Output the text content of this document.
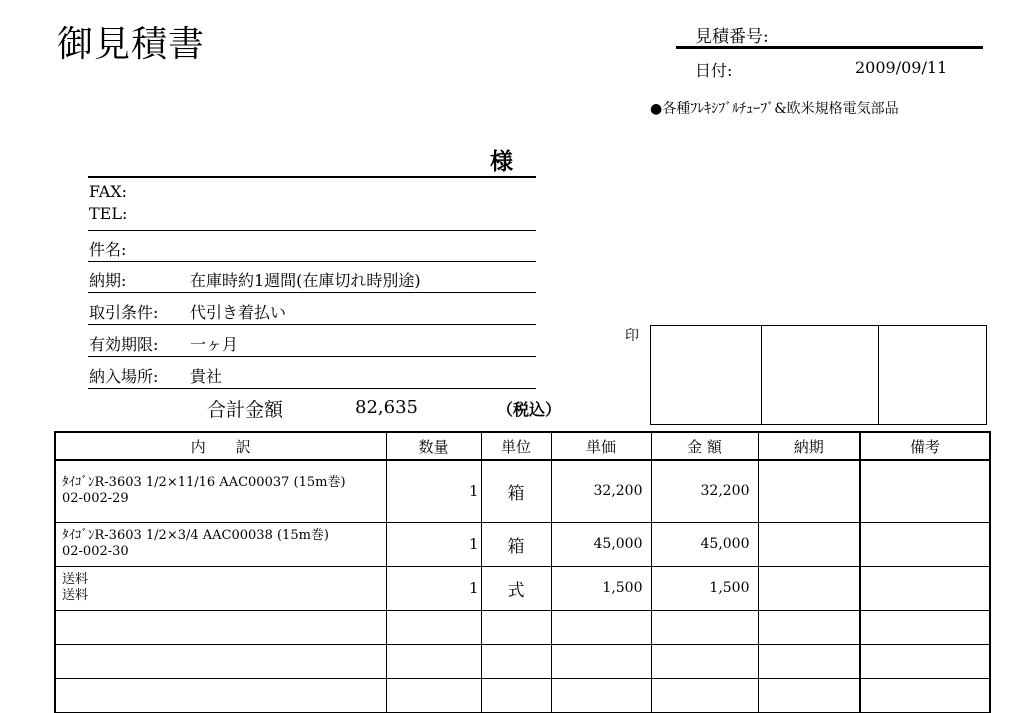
御見積書	見積番号:
日付:	2009/09/11
●各種ﾌﾚｷｼﾌﾞﾙﾁｭｰﾌﾞ&欧米規格電気部品
様
FAX:
TEL:
件名:
納期:	在庫時約1週間(在庫切れ時別途)
取引条件: 代引き着払い
有効期限: 一ヶ月
納入場所: 貴社
合計金額	82,635	（税込）
印
内　　訳	数量	単位	単価	金 額	納期	備考

ﾀｲｺﾞﾝR-3603 1/2×11/16 AAC00037 (15m巻)
02-002-29	1	箱	32,200	32,200		

ﾀｲｺﾞﾝR-3603 1/2×3/4 AAC00038 (15m巻)
02-002-30	1	箱	45,000	45,000		

送料
送料	1	式	1,500	1,500		
